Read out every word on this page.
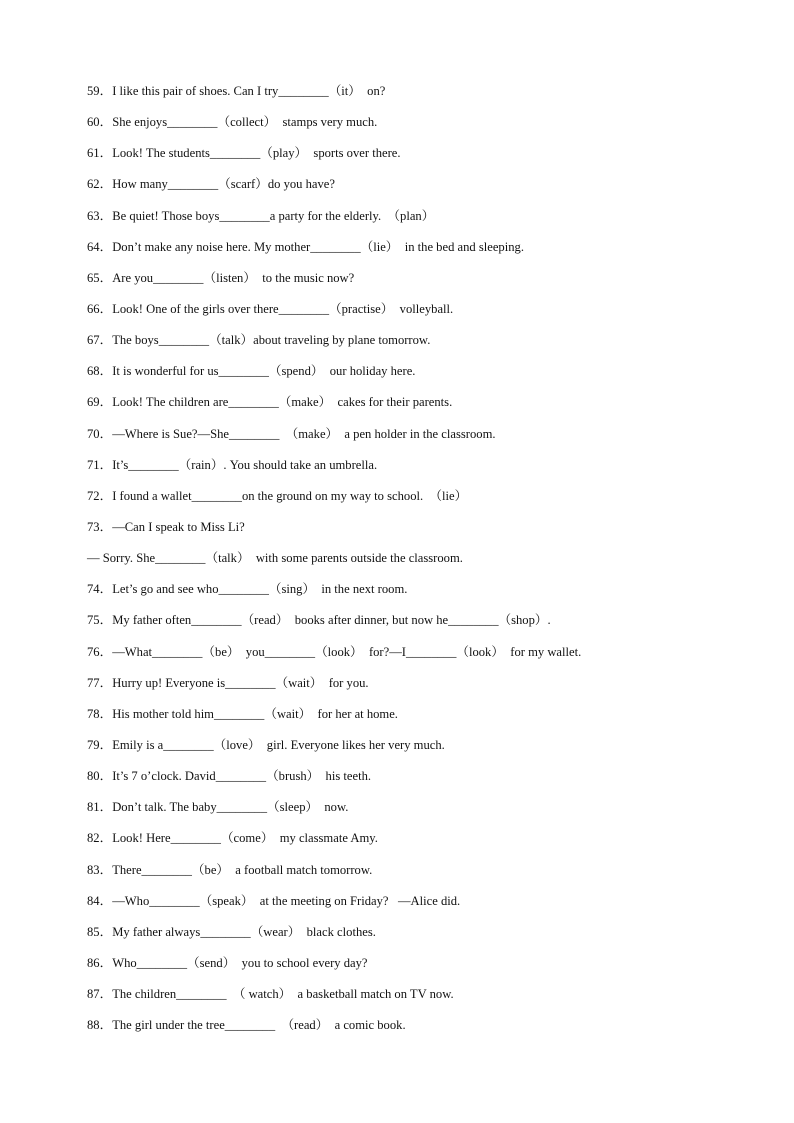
59．I like this pair of shoes. Can I try________（it）  on?
60．She enjoys________（collect）  stamps very much.
61．Look! The students________（play）  sports over there.
62．How many________（scarf）do you have?
63．Be quiet! Those boys________a party for the elderly.  （plan）
64．Don’t make any noise here. My mother________（lie）  in the bed and sleeping.
65．Are you________（listen）  to the music now?
66．Look! One of the girls over there________（practise）  volleyball.
67．The boys________（talk）about traveling by plane tomorrow.
68．It is wonderful for us________（spend）  our holiday here.
69．Look! The children are________（make）  cakes for their parents.
70．—Where is Sue?—She________  （make）  a pen holder in the classroom.
71．It’s________（rain）. You should take an umbrella.
72．I found a wallet________on the ground on my way to school.  （lie）
73．—Can I speak to Miss Li?
— Sorry. She________（talk）  with some parents outside the classroom.
74．Let’s go and see who________（sing）  in the next room.
75．My father often________（read）  books after dinner, but now he________（shop）.
76．—What________（be）  you________（look）  for?—I________（look）  for my wallet.
77．Hurry up! Everyone is________（wait）  for you.
78．His mother told him________（wait）  for her at home.
79．Emily is a________（love）  girl. Everyone likes her very much.
80．It’s 7 o’clock. David________（brush）  his teeth.
81．Don’t talk. The baby________（sleep）  now.
82．Look! Here________（come）  my classmate Amy.
83．There________（be）  a football match tomorrow.
84．—Who________（speak）  at the meeting on Friday?   —Alice did.
85．My father always________（wear）  black clothes.
86．Who________（send）  you to school every day?
87．The children________  （ watch）  a basketball match on TV now.
88．The girl under the tree________  （read）  a comic book.
